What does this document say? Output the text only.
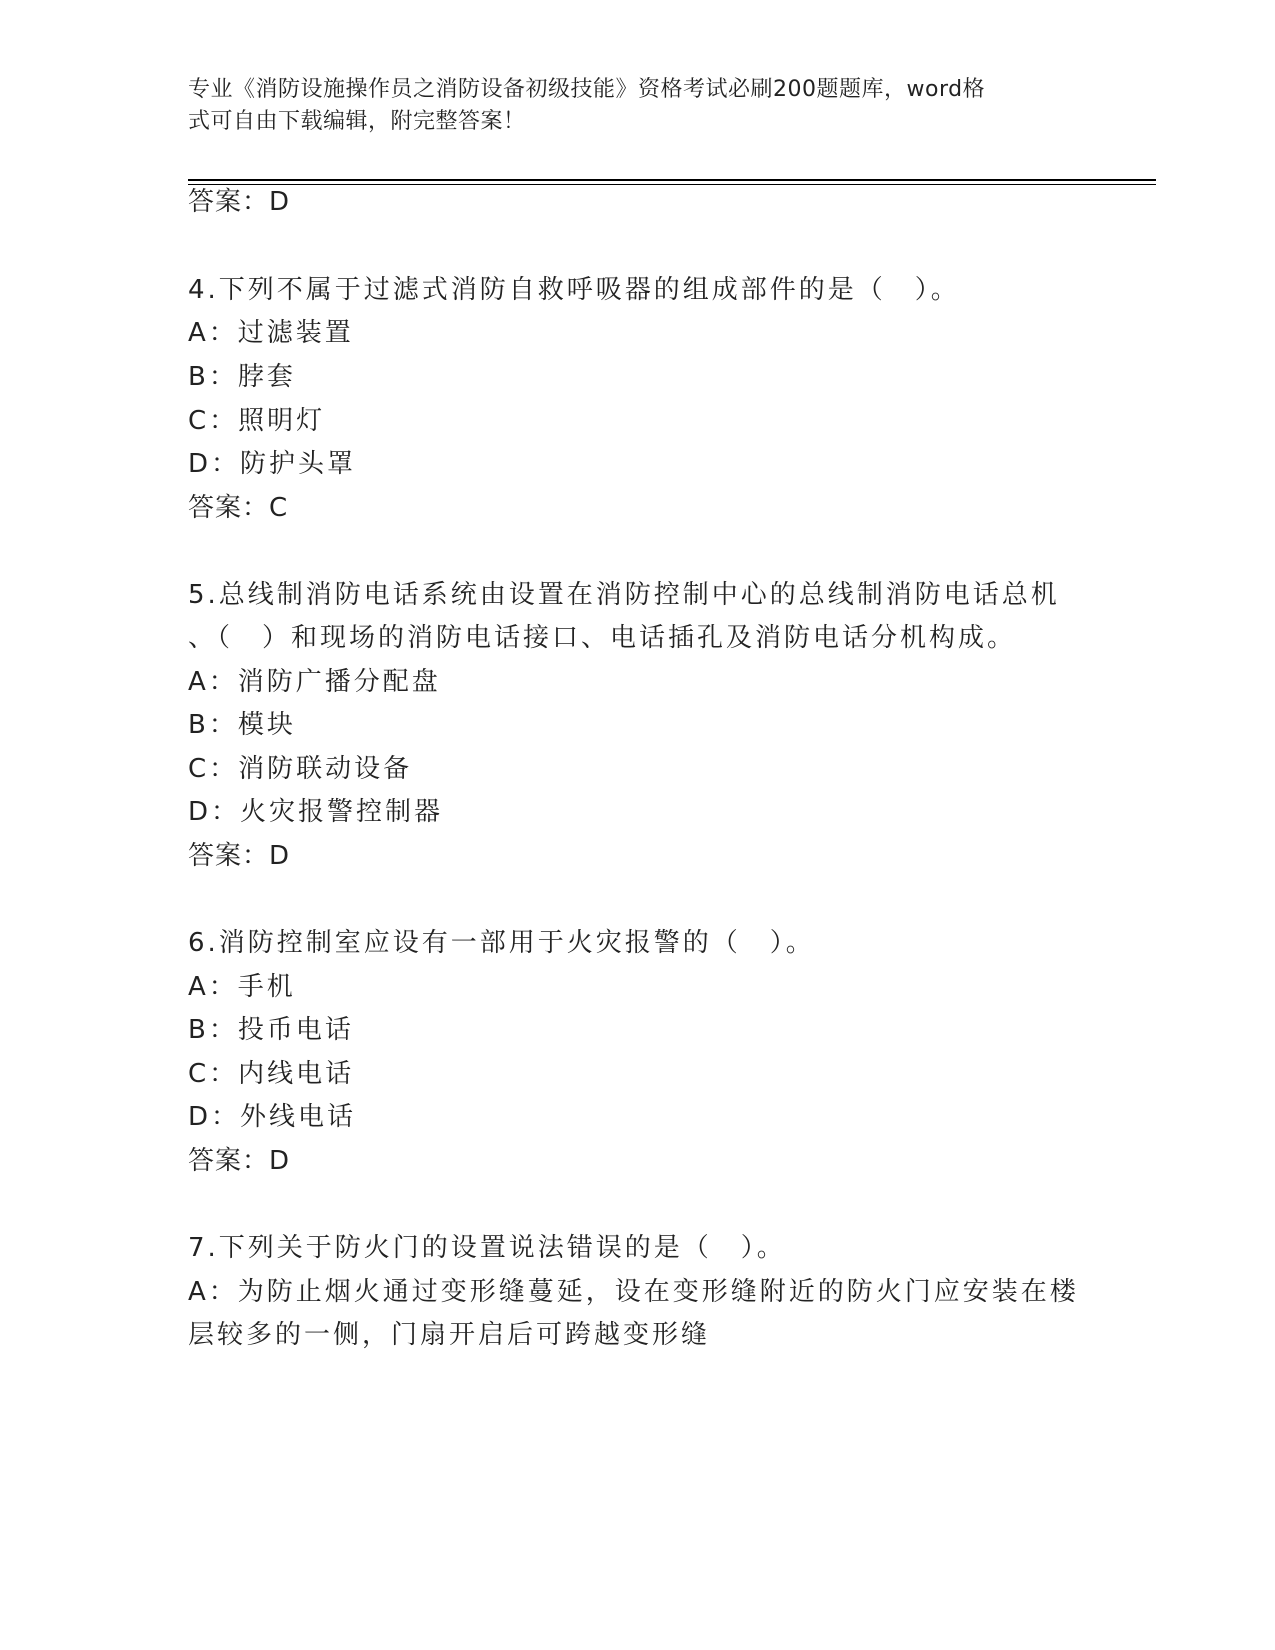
专业《消防设施操作员之消防设备初级技能》资格考试必刷200题题库，word格
式可自由下载编辑，附完整答案！
答案：D
4.下列不属于过滤式消防自救呼吸器的组成部件的是（　）。
A：过滤装置
B：脖套
C：照明灯
D：防护头罩
答案：C
5.总线制消防电话系统由设置在消防控制中心的总线制消防电话总机
、（　）和现场的消防电话接口、电话插孔及消防电话分机构成。
A：消防广播分配盘
B：模块
C：消防联动设备
D：火灾报警控制器
答案：D
6.消防控制室应设有一部用于火灾报警的（　）。
A：手机
B：投币电话
C：内线电话
D：外线电话
答案：D
7.下列关于防火门的设置说法错误的是（　）。
A：为防止烟火通过变形缝蔓延，设在变形缝附近的防火门应安装在楼
层较多的一侧，门扇开启后可跨越变形缝
